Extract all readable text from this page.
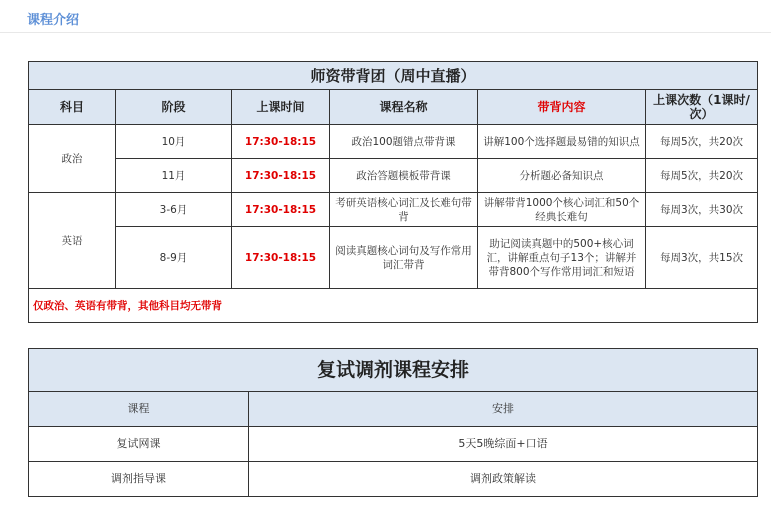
课程介绍
师资带背团（周中直播）					
科目	阶段	上课时间	课程名称	带背内容	上课次数（1课时/次）
政治	10月	17:30-18:15	政治100题错点带背课	讲解100个选择题最易错的知识点	每周5次，共20次
	11月	17:30-18:15	政治答题模板带背课	分析题必备知识点	每周5次，共20次
英语	3-6月	17:30-18:15	考研英语核心词汇及长难句带背	讲解带背1000个核心词汇和50个经典长难句	每周3次，共30次
	8-9月	17:30-18:15	阅读真题核心词句及写作常用词汇带背	助记阅读真题中的500+核心词汇，讲解重点句子13个；讲解并带背800个写作常用词汇和短语	每周3次，共15次
仅政治、英语有带背，其他科目均无带背					
复试调剂课程安排	
课程	安排
复试网课	5天5晚综面+口语
调剂指导课	调剂政策解读
